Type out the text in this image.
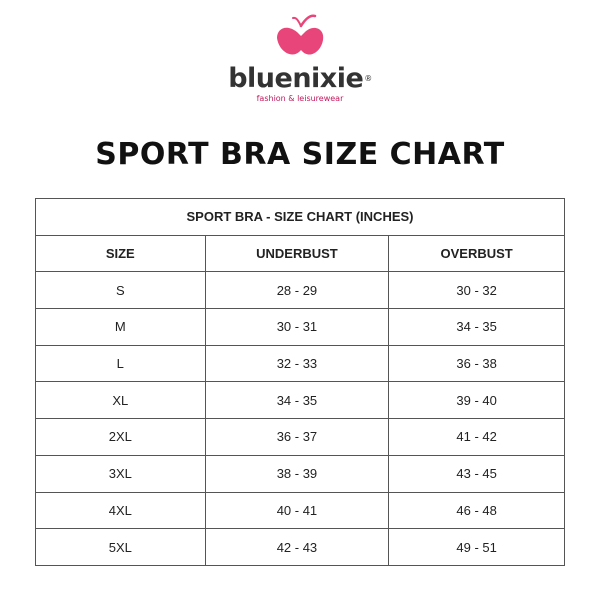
bluenixie®
fashion & leisurewear
SPORT BRA SIZE CHART
SPORT BRA - SIZE CHART (INCHES)		
SIZE	UNDERBUST	OVERBUST
S	28 - 29	30 - 32
M	30 - 31	34 - 35
L	32 - 33	36 - 38
XL	34 - 35	39 - 40
2XL	36 - 37	41 - 42
3XL	38 - 39	43 - 45
4XL	40 - 41	46 - 48
5XL	42 - 43	49 - 51
